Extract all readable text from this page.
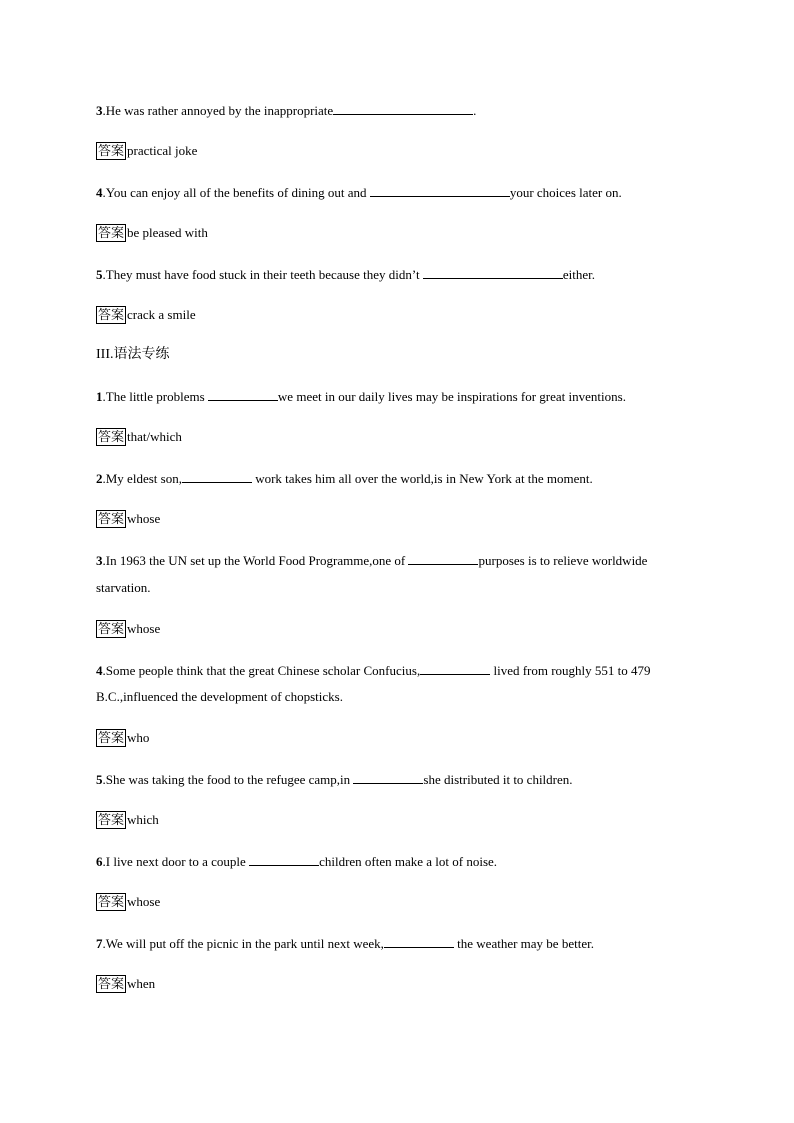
3.He was rather annoyed by the inappropriate	.
答案 practical joke
4.You can enjoy all of the benefits of dining out and	your choices later on.
答案 be pleased with
5.They must have food stuck in their teeth because they didn’t	either.
答案 crack a smile
III.语法专练
1.The little problems	we meet in our daily lives may be inspirations for great inventions.
答案 that/which
2.My eldest son,	work takes him all over the world,is in New York at the moment.
答案 whose
3.In 1963 the UN set up the World Food Programme,one of	purposes is to relieve worldwide
starvation.
答案 whose
4.Some people think that the great Chinese scholar Confucius,	lived from roughly 551 to 479
B.C.,influenced the development of chopsticks.
答案 who
5.She was taking the food to the refugee camp,in	she distributed it to children.
答案 which
6.I live next door to a couple	children often make a lot of noise.
答案 whose
7.We will put off the picnic in the park until next week,	the weather may be better.
答案 when
